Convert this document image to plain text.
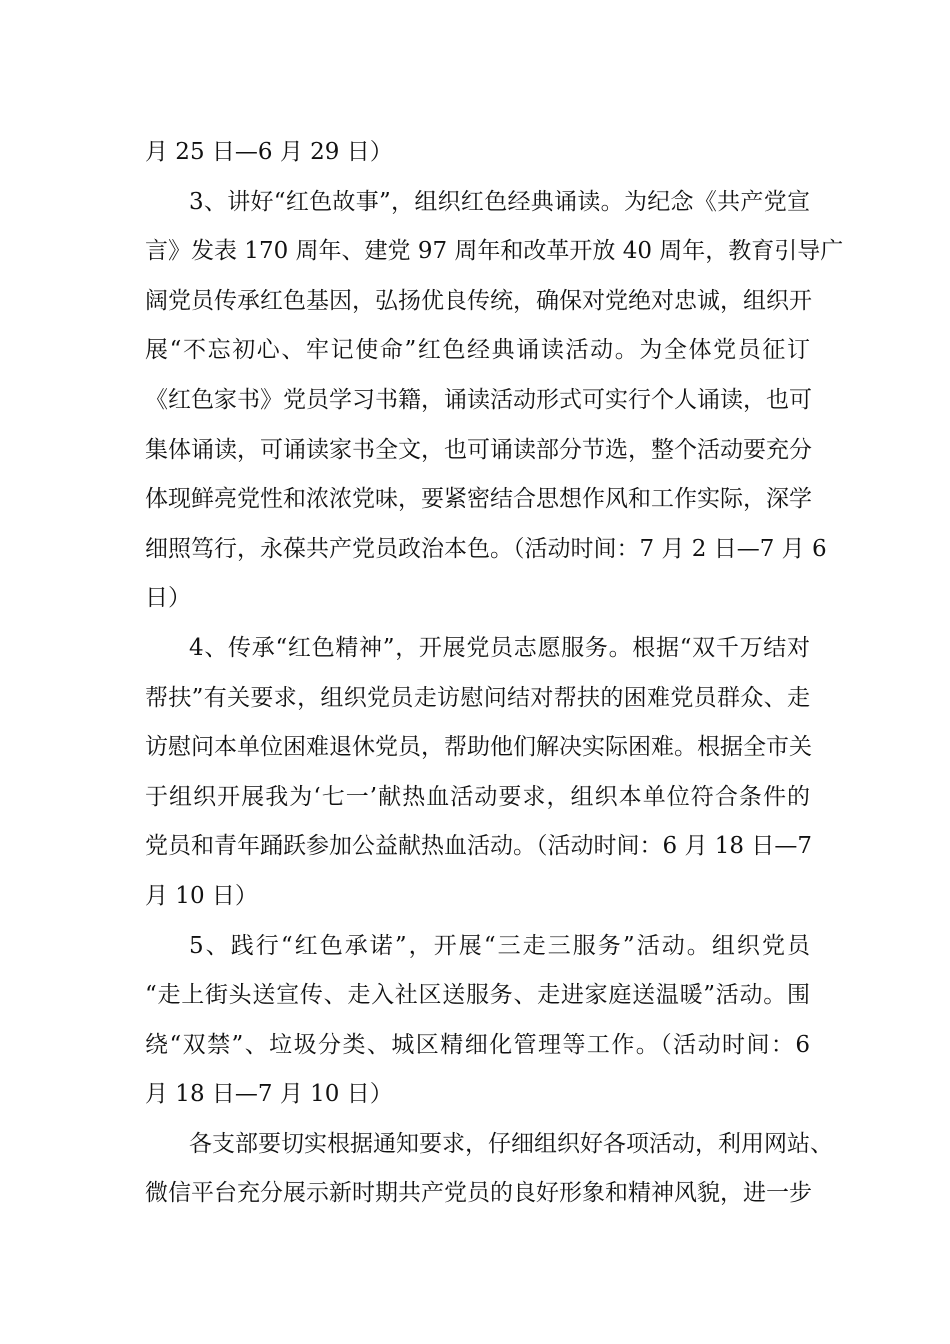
月 25 日—6 月 29 日）
3、讲好“红色故事”，组织红色经典诵读。为纪念《共产党宣
言》发表 170 周年、建党 97 周年和改革开放 40 周年，教育引导广
阔党员传承红色基因，弘扬优良传统，确保对党绝对忠诚，组织开
展“不忘初心、牢记使命”红色经典诵读活动。为全体党员征订
《红色家书》党员学习书籍，诵读活动形式可实行个人诵读，也可
集体诵读，可诵读家书全文，也可诵读部分节选，整个活动要充分
体现鲜亮党性和浓浓党味，要紧密结合思想作风和工作实际，深学
细照笃行，永葆共产党员政治本色。（活动时间：7 月 2 日—7 月 6
日）
4、传承“红色精神”，开展党员志愿服务。根据“双千万结对
帮扶”有关要求，组织党员走访慰问结对帮扶的困难党员群众、走
访慰问本单位困难退休党员，帮助他们解决实际困难。根据全市关
于组织开展我为‘七一’献热血活动要求，组织本单位符合条件的
党员和青年踊跃参加公益献热血活动。（活动时间：6 月 18 日—7
月 10 日）
5、践行“红色承诺”，开展“三走三服务”活动。组织党员
“走上街头送宣传、走入社区送服务、走进家庭送温暖”活动。围
绕“双禁”、垃圾分类、城区精细化管理等工作。（活动时间：6
月 18 日—7 月 10 日）
各支部要切实根据通知要求，仔细组织好各项活动，利用网站、
微信平台充分展示新时期共产党员的良好形象和精神风貌，进一步
